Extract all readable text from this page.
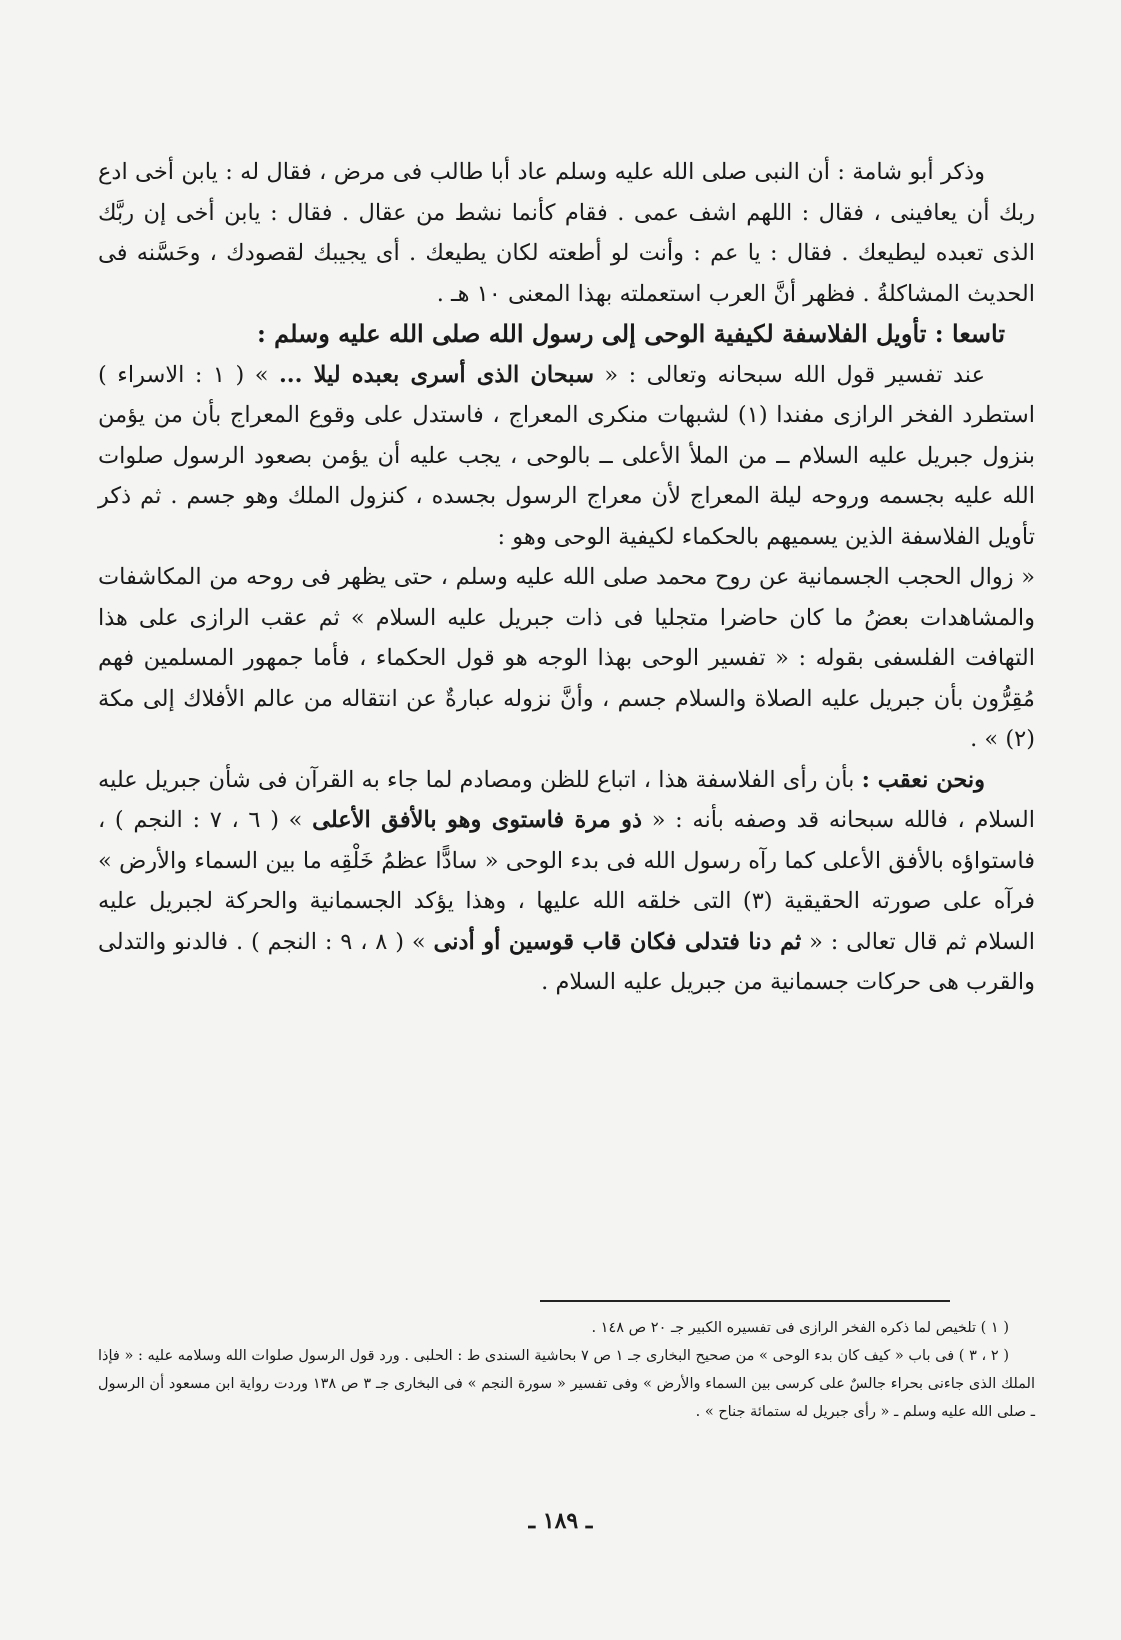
وذكر أبو شامة : أن النبى صلى الله عليه وسلم عاد أبا طالب فى مرض ، فقال له : يابن أخى ادع ربك أن يعافينى ، فقال : اللهم اشف عمى . فقام كأنما نشط من عقال . فقال : يابن أخى إن ربَّك الذى تعبده ليطيعك . فقال : يا عم : وأنت لو أطعته لكان يطيعك . أى يجيبك لقصودك ، وحَسَّنه فى الحديث المشاكلةُ . فظهر أنَّ العرب استعملته بهذا المعنى ١٠ هـ .

تاسعا : تأويل الفلاسفة لكيفية الوحى إلى رسول الله صلى الله عليه وسلم :

عند تفسير قول الله سبحانه وتعالى : « سبحان الذى أسرى بعبده ليلا ... » ( ١ : الاسراء ) استطرد الفخر الرازى مفندا (١) لشبهات منكرى المعراج ، فاستدل على وقوع المعراج بأن من يؤمن بنزول جبريل عليه السلام ــ من الملأ الأعلى ــ بالوحى ، يجب عليه أن يؤمن بصعود الرسول صلوات الله عليه بجسمه وروحه ليلة المعراج لأن معراج الرسول بجسده ، كنزول الملك وهو جسم . ثم ذكر تأويل الفلاسفة الذين يسميهم بالحكماء لكيفية الوحى وهو :

« زوال الحجب الجسمانية عن روح محمد صلى الله عليه وسلم ، حتى يظهر فى روحه من المكاشفات والمشاهدات بعضُ ما كان حاضرا متجليا فى ذات جبريل عليه السلام » ثم عقب الرازى على هذا التهافت الفلسفى بقوله : « تفسير الوحى بهذا الوجه هو قول الحكماء ، فأما جمهور المسلمين فهم مُقِرُّون بأن جبريل عليه الصلاة والسلام جسم ، وأنَّ نزوله عبارةٌ عن انتقاله من عالم الأفلاك إلى مكة (٢) » .

ونحن نعقب : بأن رأى الفلاسفة هذا ، اتباع للظن ومصادم لما جاء به القرآن فى شأن جبريل عليه السلام ، فالله سبحانه قد وصفه بأنه : « ذو مرة فاستوى وهو بالأفق الأعلى » ( ٦ ، ٧ : النجم ) ، فاستواؤه بالأفق الأعلى كما رآه رسول الله فى بدء الوحى « سادًّا عظمُ خَلْقِه ما بين السماء والأرض » فرآه على صورته الحقيقية (٣) التى خلقه الله عليها ، وهذا يؤكد الجسمانية والحركة لجبريل عليه السلام ثم قال تعالى : « ثم دنا فتدلى فكان قاب قوسين أو أدنى » ( ٨ ، ٩ : النجم ) . فالدنو والتدلى والقرب هى حركات جسمانية من جبريل عليه السلام .

( ١ ) تلخيص لما ذكره الفخر الرازى فى تفسيره الكبير جـ ٢٠ ص ١٤٨ .

( ٢ ، ٣ ) فى باب « كيف كان بدء الوحى » من صحيح البخارى جـ ١ ص ٧ بحاشية السندى ط : الحلبى . ورد قول الرسول صلوات الله وسلامه عليه : « فإذا الملك الذى جاءنى بحراء جالسٌ على كرسى بين السماء والأرض » وفى تفسير « سورة النجم » فى البخارى جـ ٣ ص ١٣٨ وردت رواية ابن مسعود أن الرسول ـ صلى الله عليه وسلم ـ « رأى جبريل له ستمائة جناح » .

ـ ١٨٩ ـ
